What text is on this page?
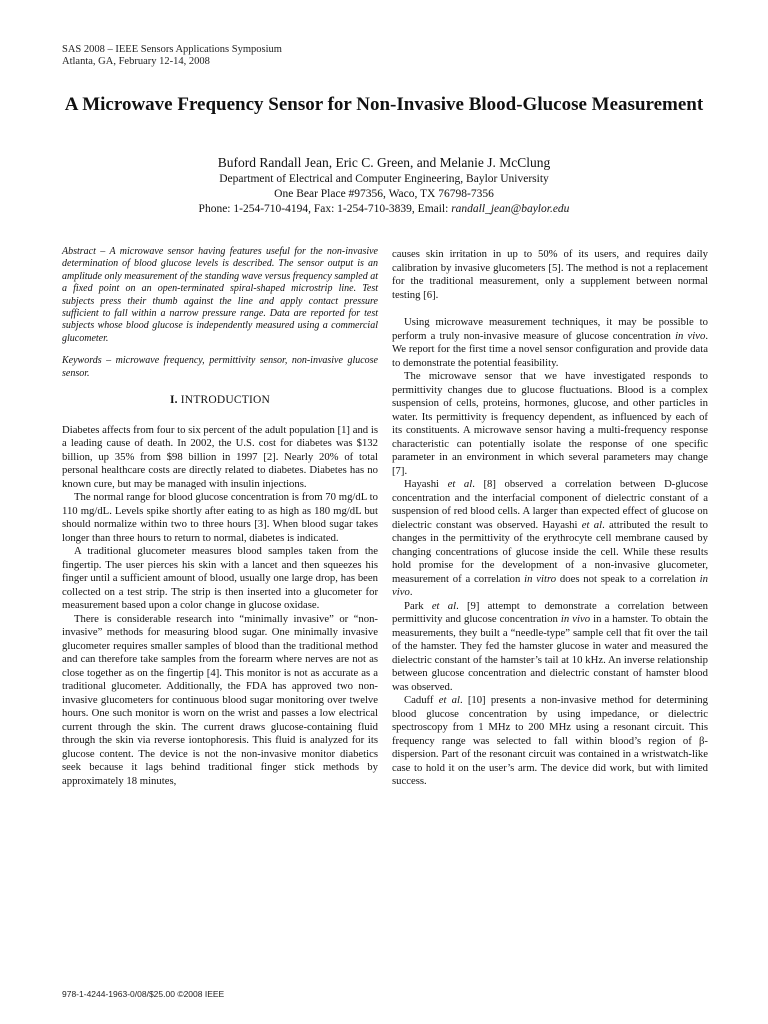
SAS 2008 – IEEE Sensors Applications Symposium
Atlanta, GA, February 12-14, 2008
A Microwave Frequency Sensor for Non-Invasive Blood-Glucose Measurement
Buford Randall Jean, Eric C. Green, and Melanie J. McClung
Department of Electrical and Computer Engineering, Baylor University
One Bear Place #97356, Waco, TX 76798-7356
Phone: 1-254-710-4194, Fax: 1-254-710-3839, Email: randall_jean@baylor.edu

Abstract – A microwave sensor having features useful for the non-invasive determination of blood glucose levels is described. The sensor output is an amplitude only measurement of the standing wave versus frequency sampled at a fixed point on an open-terminated spiral-shaped microstrip line. Test subjects press their thumb against the line and apply contact pressure sufficient to fall within a narrow pressure range. Data are reported for test subjects whose blood glucose is independently measured using a commercial glucometer.

Keywords – microwave frequency, permittivity sensor, non-invasive glucose sensor.

I. INTRODUCTION

Diabetes affects from four to six percent of the adult population [1] and is a leading cause of death. In 2002, the U.S. cost for diabetes was $132 billion, up 35% from $98 billion in 1997 [2]. Nearly 20% of total personal healthcare costs are directly related to diabetes. Diabetes has no known cure, but may be managed with insulin injections.

The normal range for blood glucose concentration is from 70 mg/dL to 110 mg/dL. Levels spike shortly after eating to as high as 180 mg/dL but should normalize within two to three hours [3]. When blood sugar takes longer than three hours to return to normal, diabetes is indicated.

A traditional glucometer measures blood samples taken from the fingertip. The user pierces his skin with a lancet and then squeezes his finger until a sufficient amount of blood, usually one large drop, has been collected on a test strip. The strip is then inserted into a glucometer for measurement based upon a color change in glucose oxidase.

There is considerable research into “minimally invasive” or “non-invasive” methods for measuring blood sugar. One minimally invasive glucometer requires smaller samples of blood than the traditional method and can therefore take samples from the forearm where nerves are not as close together as on the fingertip [4]. This monitor is not as accurate as a traditional glucometer. Additionally, the FDA has approved two non-invasive glucometers for continuous blood sugar monitoring over twelve hours. One such monitor is worn on the wrist and passes a low electrical current through the skin. The current draws glucose-containing fluid through the skin via reverse iontophoresis. This fluid is analyzed for its glucose content. The device is not the non-invasive monitor diabetics seek because it lags behind traditional finger stick methods by approximately 18 minutes,

causes skin irritation in up to 50% of its users, and requires daily calibration by invasive glucometers [5]. The method is not a replacement for the traditional measurement, only a supplement between normal testing [6].

Using microwave measurement techniques, it may be possible to perform a truly non-invasive measure of glucose concentration in vivo. We report for the first time a novel sensor configuration and provide data to demonstrate the potential feasibility.

The microwave sensor that we have investigated responds to permittivity changes due to glucose fluctuations. Blood is a complex suspension of cells, proteins, hormones, glucose, and other particles in water. Its permittivity is frequency dependent, as influenced by each of its constituents. A microwave sensor having a multi-frequency response characteristic can potentially isolate the response of one specific parameter in an environment in which several parameters may change [7].

Hayashi et al. [8] observed a correlation between D-glucose concentration and the interfacial component of dielectric constant of a suspension of red blood cells. A larger than expected effect of glucose on dielectric constant was observed. Hayashi et al. attributed the result to changes in the permittivity of the erythrocyte cell membrane caused by changing concentrations of glucose inside the cell. While these results hold promise for the development of a non-invasive glucometer, measurement of a correlation in vitro does not speak to a correlation in vivo.

Park et al. [9] attempt to demonstrate a correlation between permittivity and glucose concentration in vivo in a hamster. To obtain the measurements, they built a “needle-type” sample cell that fit over the tail of the hamster. They fed the hamster glucose in water and measured the dielectric constant of the hamster’s tail at 10 kHz. An inverse relationship between glucose concentration and dielectric constant of hamster blood was observed.

Caduff et al. [10] presents a non-invasive method for determining blood glucose concentration by using impedance, or dielectric spectroscopy from 1 MHz to 200 MHz using a resonant circuit. This frequency range was selected to fall within blood’s region of β-dispersion. Part of the resonant circuit was contained in a wristwatch-like case to hold it on the user’s arm. The device did work, but with limited success.

978-1-4244-1963-0/08/$25.00 ©2008 IEEE
